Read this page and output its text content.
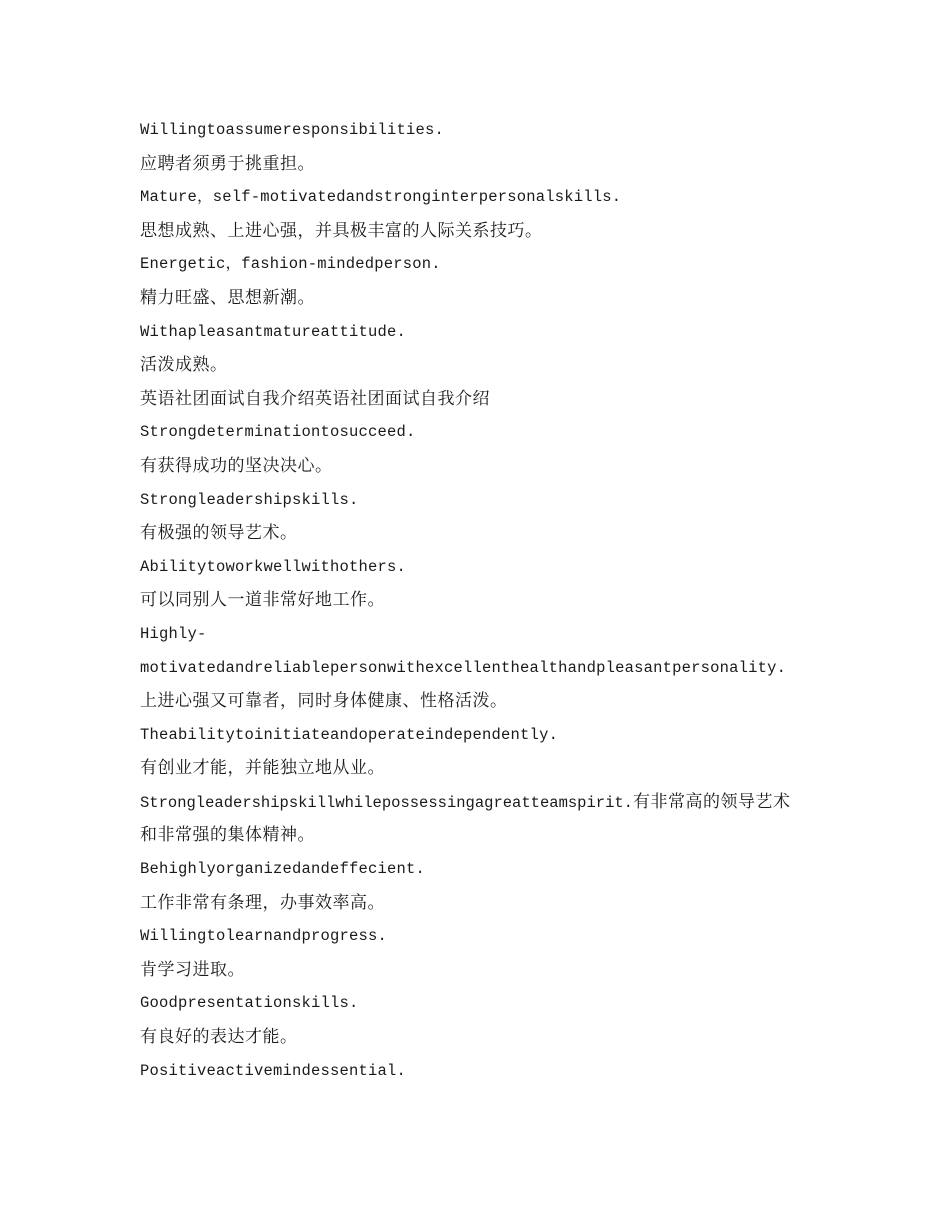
Willingtoassumeresponsibilities.

应聘者须勇于挑重担。

Mature，self-motivatedandstronginterpersonalskills.

思想成熟、上进心强，并具极丰富的人际关系技巧。

Energetic，fashion-mindedperson.

精力旺盛、思想新潮。

Withapleasantmatureattitude.

活泼成熟。

英语社团面试自我介绍英语社团面试自我介绍

Strongdeterminationtosucceed.

有获得成功的坚决决心。

Strongleadershipskills.

有极强的领导艺术。

Abilitytoworkwellwithothers.

可以同别人一道非常好地工作。

Highly-

motivatedandreliablepersonwithexcellenthealthandpleasantpersonality.

上进心强又可靠者，同时身体健康、性格活泼。

Theabilitytoinitiateandoperateindependently.

有创业才能，并能独立地从业。

Strongleadershipskillwhilepossessingagreatteamspirit.有非常高的领导艺术

和非常强的集体精神。

Behighlyorganizedandeffecient.

工作非常有条理，办事效率高。

Willingtolearnandprogress.

肯学习进取。

Goodpresentationskills.

有良好的表达才能。

Positiveactivemindessential.
